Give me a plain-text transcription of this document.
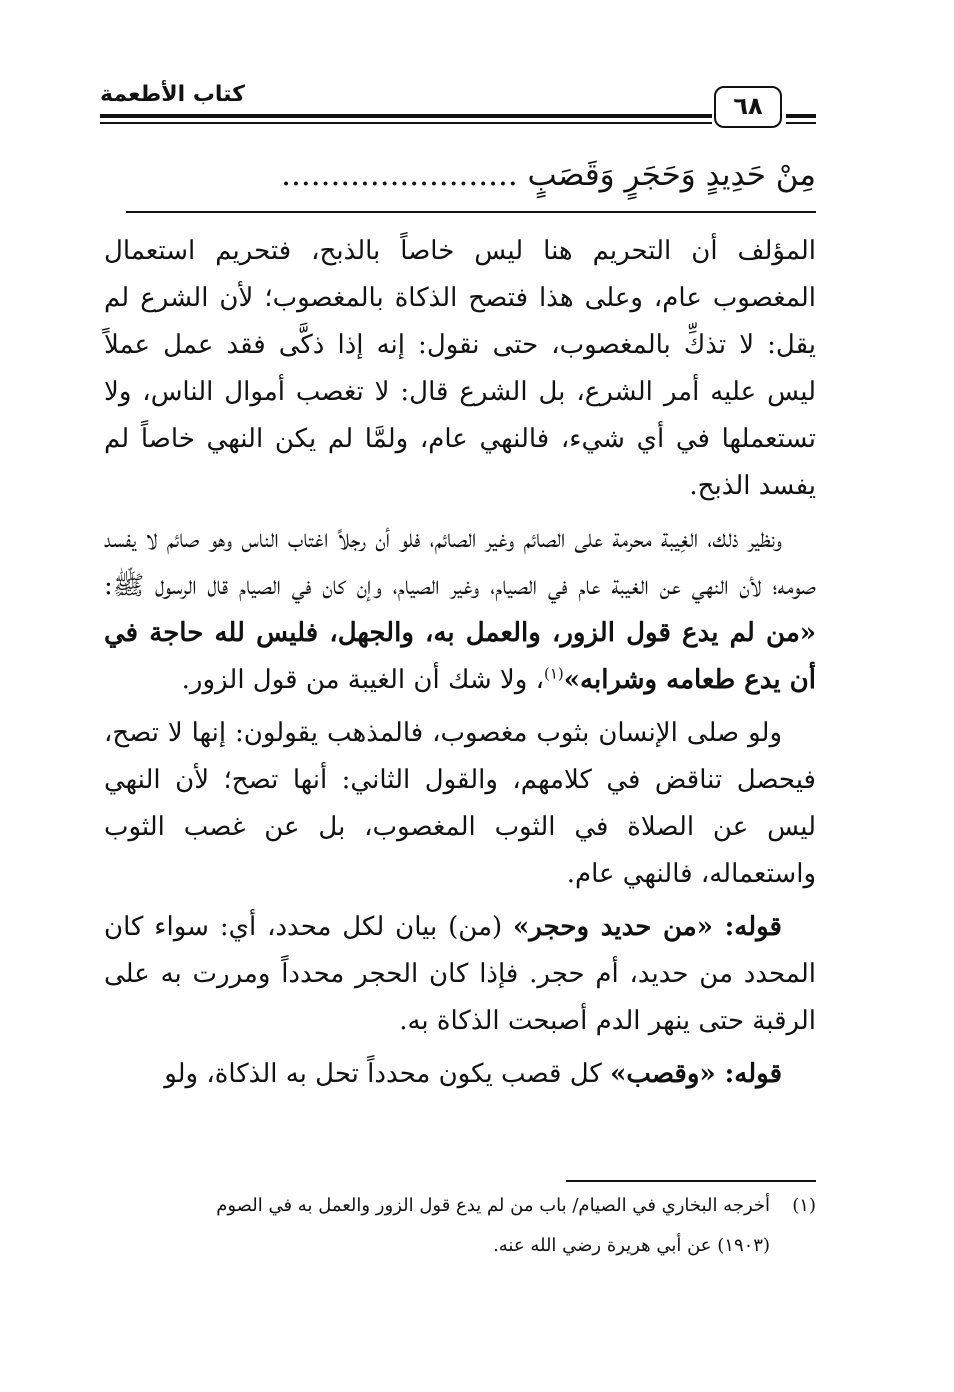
كتاب الأطعمة	٦٨
مِنْ حَدِيدٍ وَحَجَرٍ وَقَصَبٍ ........................

المؤلف أن التحريم هنا ليس خاصاً بالذبح، فتحريم استعمال المغصوب عام، وعلى هذا فتصح الذكاة بالمغصوب؛ لأن الشرع لم يقل: لا تذكِّ بالمغصوب، حتى نقول: إنه إذا ذكَّى فقد عمل عملاً ليس عليه أمر الشرع، بل الشرع قال: لا تغصب أموال الناس، ولا تستعملها في أي شيء، فالنهي عام، ولمَّا لم يكن النهي خاصاً لم يفسد الذبح.

ونظير ذلك، الغِيبة محرمة على الصائم وغير الصائم، فلو أن رجلاً اغتاب الناس وهو صائم لا يفسد صومه؛ لأن النهي عن الغيبة عام في الصيام، وغير الصيام، وإن كان في الصيام قال الرسول ﷺ: «من لم يدع قول الزور، والعمل به، والجهل، فليس لله حاجة في أن يدع طعامه وشرابه»$^{(١)}$، ولا شك أن الغيبة من قول الزور.

ولو صلى الإنسان بثوب مغصوب، فالمذهب يقولون: إنها لا تصح، فيحصل تناقض في كلامهم، والقول الثاني: أنها تصح؛ لأن النهي ليس عن الصلاة في الثوب المغصوب، بل عن غصب الثوب واستعماله، فالنهي عام.

قوله: «من حديد وحجر» (من) بيان لكل محدد، أي: سواء كان المحدد من حديد، أم حجر. فإذا كان الحجر محدداً ومررت به على الرقبة حتى ينهر الدم أصبحت الذكاة به.

قوله: «وقصب» كل قصب يكون محدداً تحل به الذكاة، ولو

(١)أخرجه البخاري في الصيام/ باب من لم يدع قول الزور والعمل به في الصوم
(١٩٠٣) عن أبي هريرة رضي الله عنه.
